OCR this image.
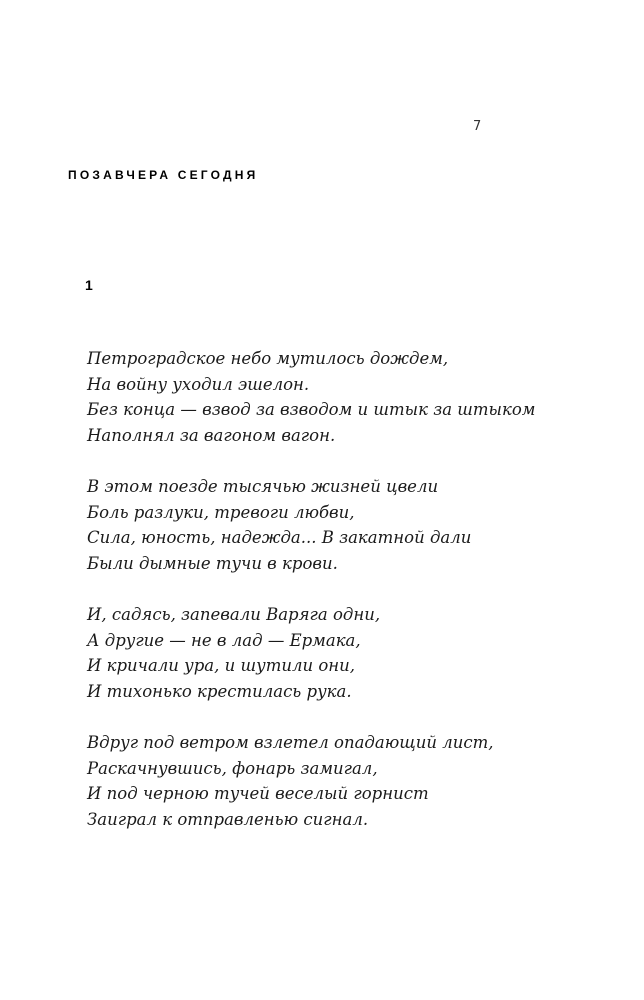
7
ПОЗАВЧЕРА СЕГОДНЯ
1
Петроградское небо мутилось дождем,
На войну уходил эшелон.
Без конца — взвод за взводом и штык за штыком
Наполнял за вагоном вагон.
В этом поезде тысячью жизней цвели
Боль разлуки, тревоги любви,
Сила, юность, надежда... В закатной дали
Были дымные тучи в крови.
И, садясь, запевали Варяга одни,
А другие — не в лад — Ермака,
И кричали ура, и шутили они,
И тихонько крестилась рука.
Вдруг под ветром взлетел опадающий лист,
Раскачнувшись, фонарь замигал,
И под черною тучей веселый горнист
Заиграл к отправленью сигнал.
